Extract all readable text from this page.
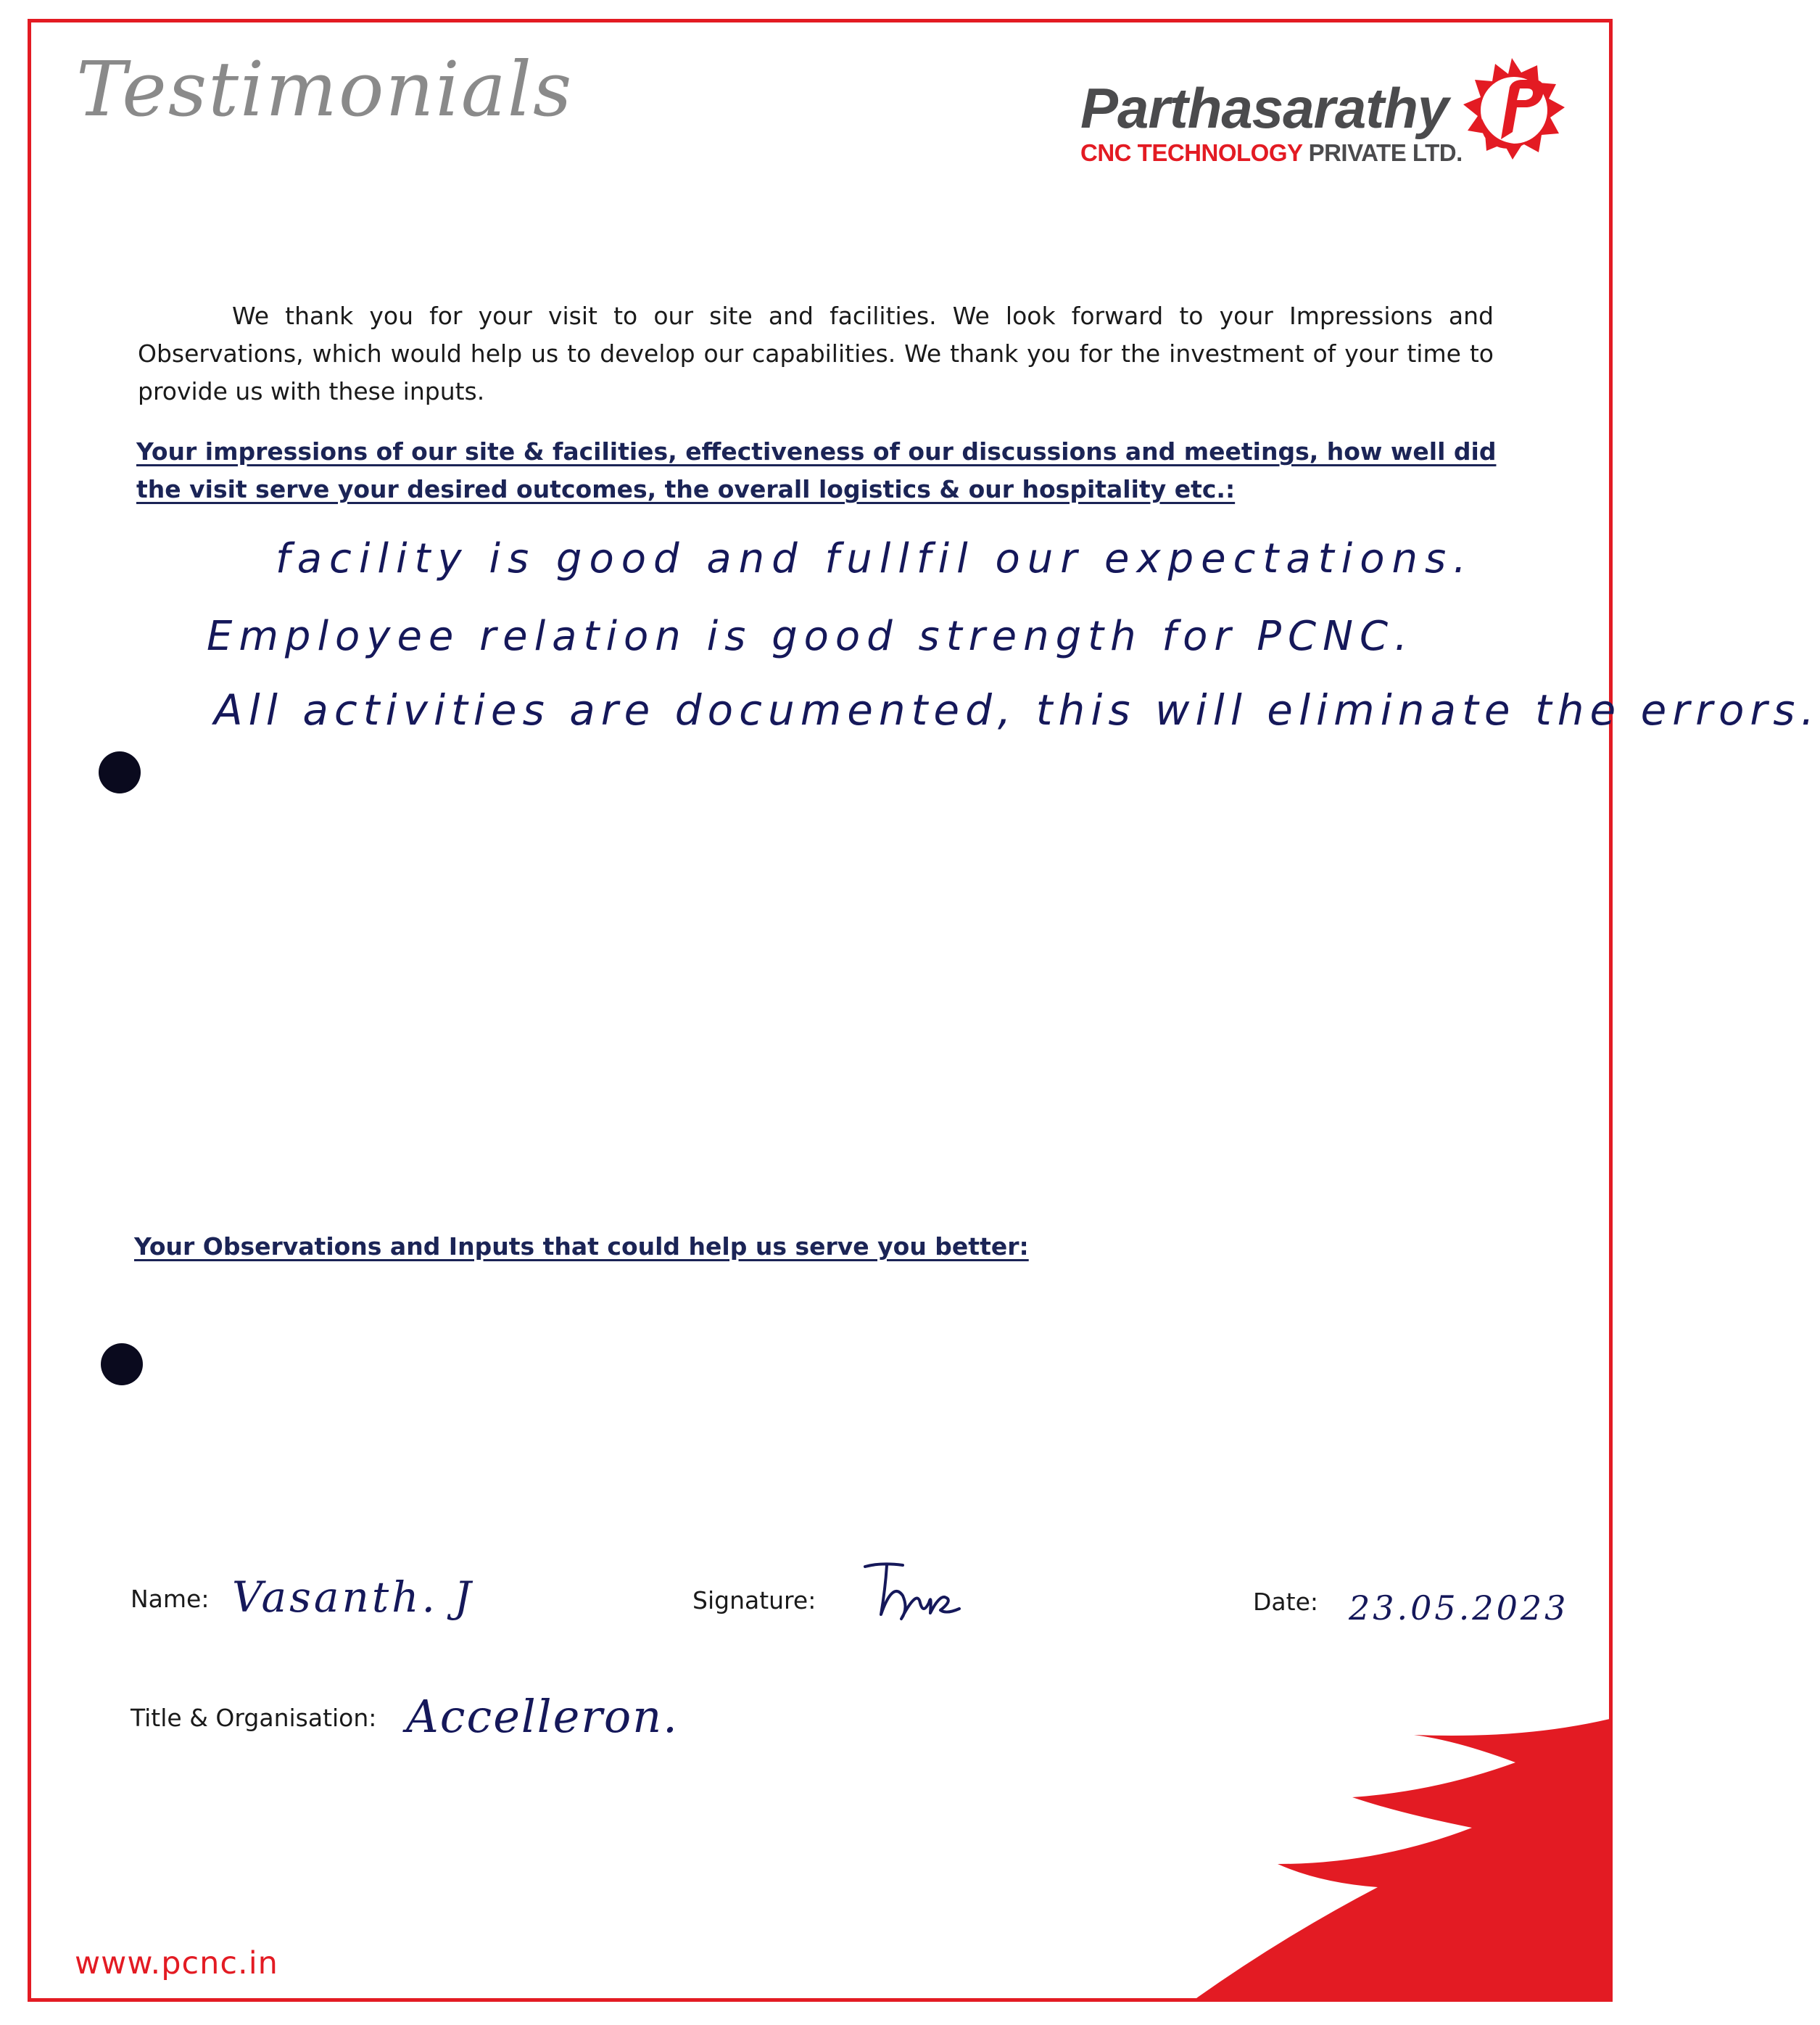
Testimonials	Parthasarathy
CNC TECHNOLOGY PRIVATE LTD.
We thank you for your visit to our site and facilities. We look forward to your Impressions and Observations, which would help us to develop our capabilities. We thank you for the investment of your time to provide us with these inputs.
Your impressions of our site & facilities, effectiveness of our discussions and meetings, how well did the visit serve your desired outcomes, the overall logistics & our hospitality etc.:
facility is good and fullfil our expectations.
Employee relation is good strength for PCNC.
All activities are documented, this will eliminate the errors.
Your Observations and Inputs that could help us serve you better:
Name: Vasanth. J	Signature:	Date: 23.05.2023
Title & Organisation: Accelleron.
www.pcnc.in
